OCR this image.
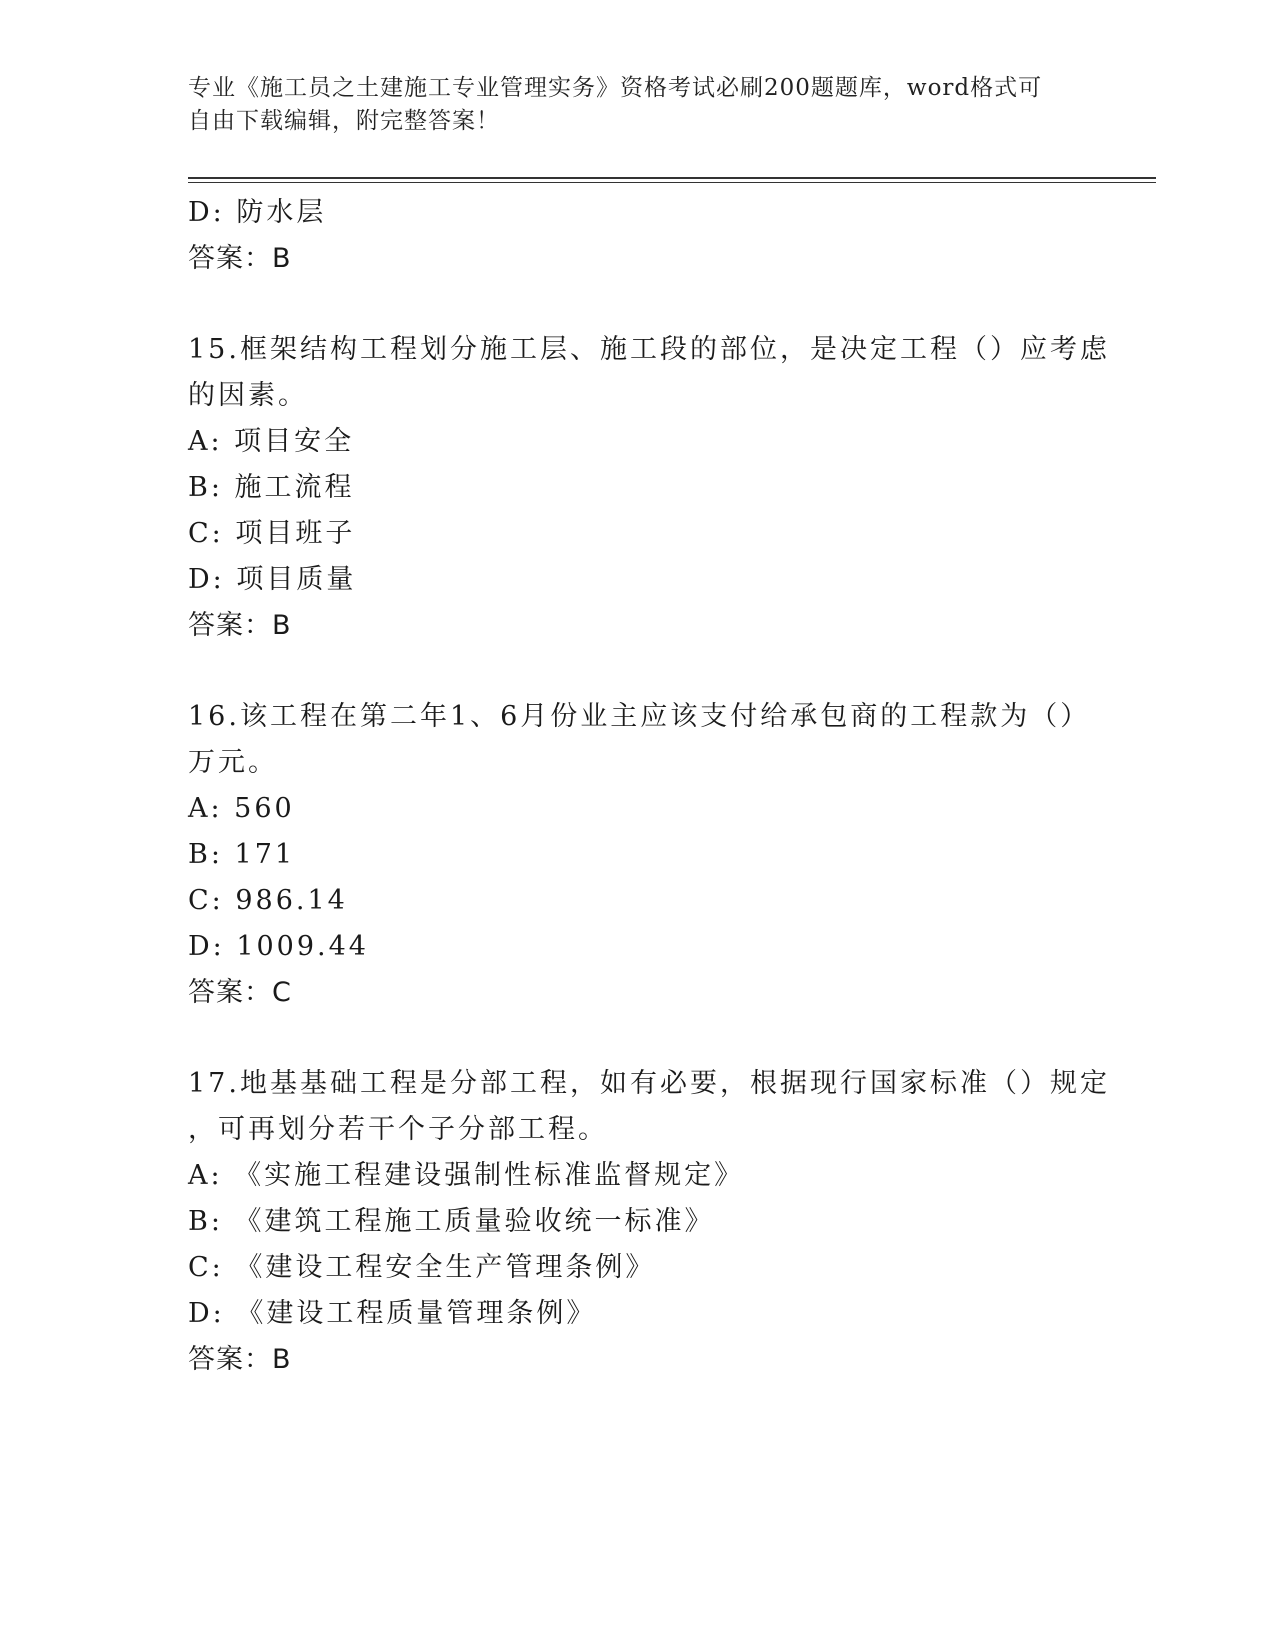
专业《施工员之土建施工专业管理实务》资格考试必刷200题题库，word格式可
自由下载编辑，附完整答案！
D: 防水层
答案：B
15.框架结构工程划分施工层、施工段的部位，是决定工程（）应考虑
的因素。
A: 项目安全
B: 施工流程
C: 项目班子
D: 项目质量
答案：B
16.该工程在第二年1、6月份业主应该支付给承包商的工程款为（）
万元。
A: 560
B: 171
C: 986.14
D: 1009.44
答案：C
17.地基基础工程是分部工程，如有必要，根据现行国家标准（）规定
，可再划分若干个子分部工程。
A: 《实施工程建设强制性标准监督规定》
B: 《建筑工程施工质量验收统一标准》
C: 《建设工程安全生产管理条例》
D: 《建设工程质量管理条例》
答案：B
